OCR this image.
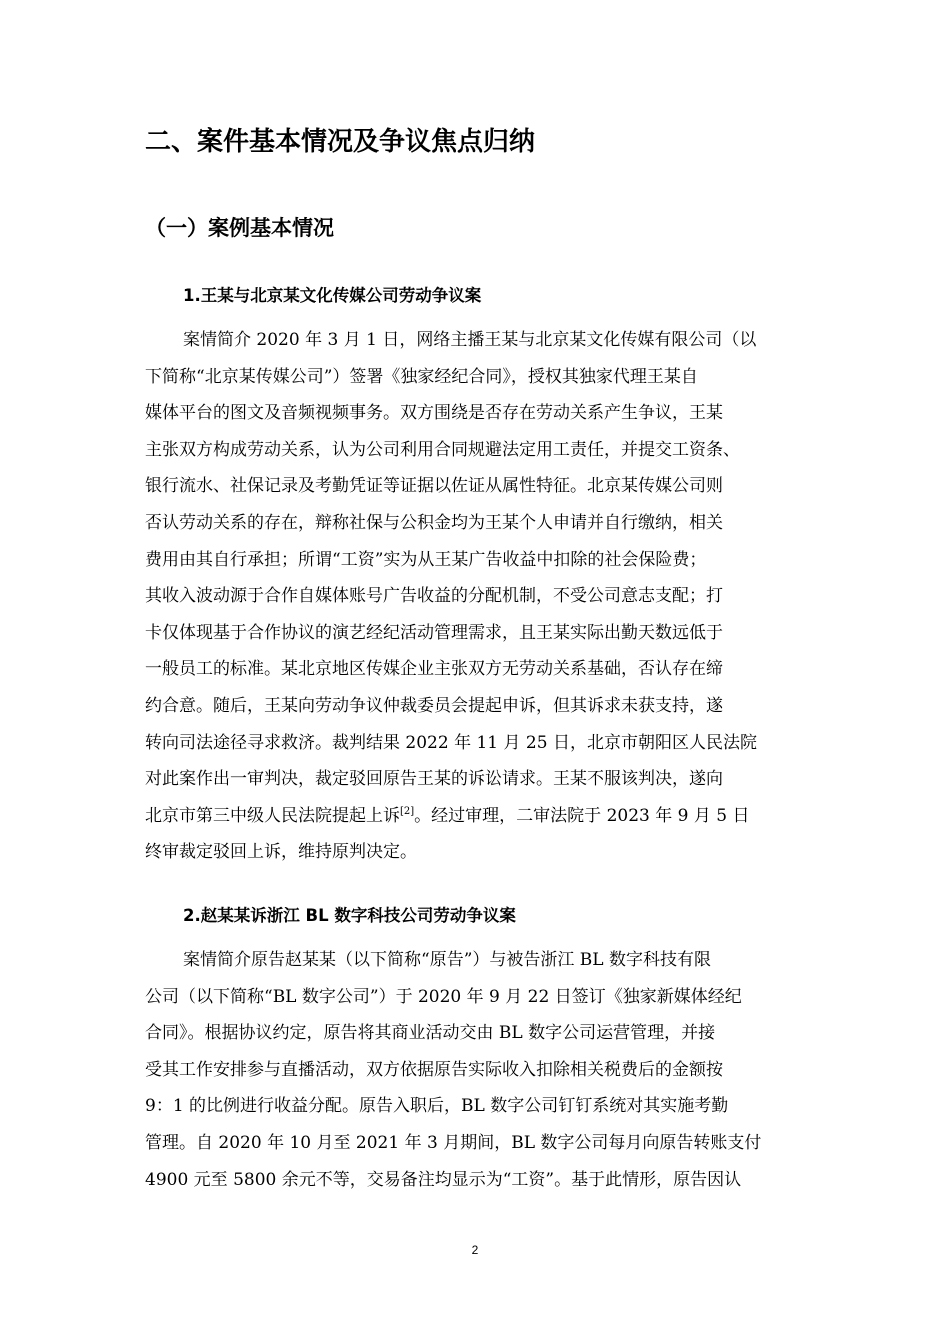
二、案件基本情况及争议焦点归纳
（一）案例基本情况
1.王某与北京某文化传媒公司劳动争议案
案情简介 2020 年 3 月 1 日，网络主播王某与北京某文化传媒有限公司（以
下简称“北京某传媒公司”）签署《独家经纪合同》，授权其独家代理王某自
媒体平台的图文及音频视频事务。双方围绕是否存在劳动关系产生争议，王某
主张双方构成劳动关系，认为公司利用合同规避法定用工责任，并提交工资条、
银行流水、社保记录及考勤凭证等证据以佐证从属性特征。北京某传媒公司则
否认劳动关系的存在，辩称社保与公积金均为王某个人申请并自行缴纳，相关
费用由其自行承担；所谓“工资”实为从王某广告收益中扣除的社会保险费；
其收入波动源于合作自媒体账号广告收益的分配机制，不受公司意志支配；打
卡仅体现基于合作协议的演艺经纪活动管理需求，且王某实际出勤天数远低于
一般员工的标准。某北京地区传媒企业主张双方无劳动关系基础，否认存在缔
约合意。随后，王某向劳动争议仲裁委员会提起申诉，但其诉求未获支持，遂
转向司法途径寻求救济。裁判结果 2022 年 11 月 25 日，北京市朝阳区人民法院
对此案作出一审判决，裁定驳回原告王某的诉讼请求。王某不服该判决，遂向
北京市第三中级人民法院提起上诉[2]。经过审理，二审法院于 2023 年 9 月 5 日
终审裁定驳回上诉，维持原判决定。
2.赵某某诉浙江 BL 数字科技公司劳动争议案
案情简介原告赵某某（以下简称“原告”）与被告浙江 BL 数字科技有限
公司（以下简称“BL 数字公司”）于 2020 年 9 月 22 日签订《独家新媒体经纪
合同》。根据协议约定，原告将其商业活动交由 BL 数字公司运营管理，并接
受其工作安排参与直播活动，双方依据原告实际收入扣除相关税费后的金额按
9：1 的比例进行收益分配。原告入职后，BL 数字公司钉钉系统对其实施考勤
管理。自 2020 年 10 月至 2021 年 3 月期间，BL 数字公司每月向原告转账支付
4900 元至 5800 余元不等，交易备注均显示为“工资”。基于此情形，原告因认
2
